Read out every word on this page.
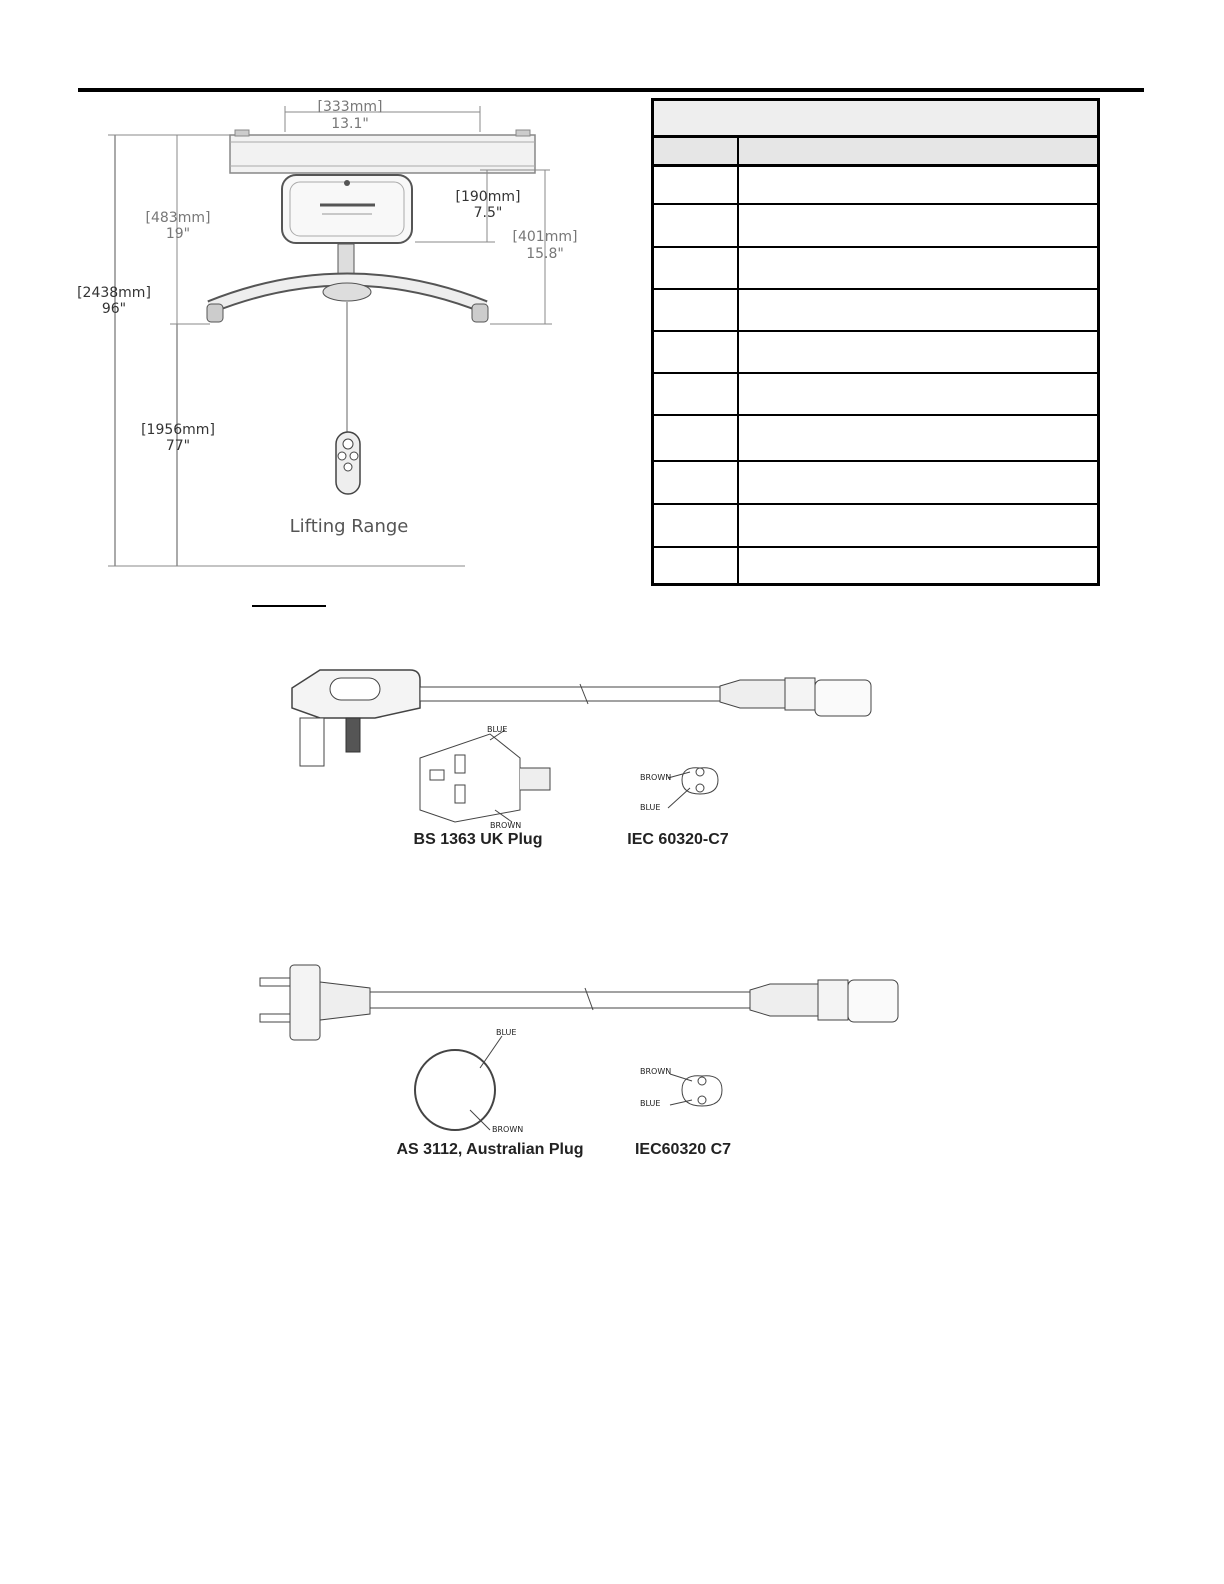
[333mm]
13.1"
[483mm]
19"
[190mm]
7.5"
[401mm]
15.8"
[2438mm]
96"
[1956mm]
77"
Lifting Range
BLUE
BROWN
BROWN
BLUE
BS 1363 UK Plug	IEC 60320-C7
BLUE
BROWN
BROWN
BLUE
AS 3112, Australian Plug	IEC60320 C7
